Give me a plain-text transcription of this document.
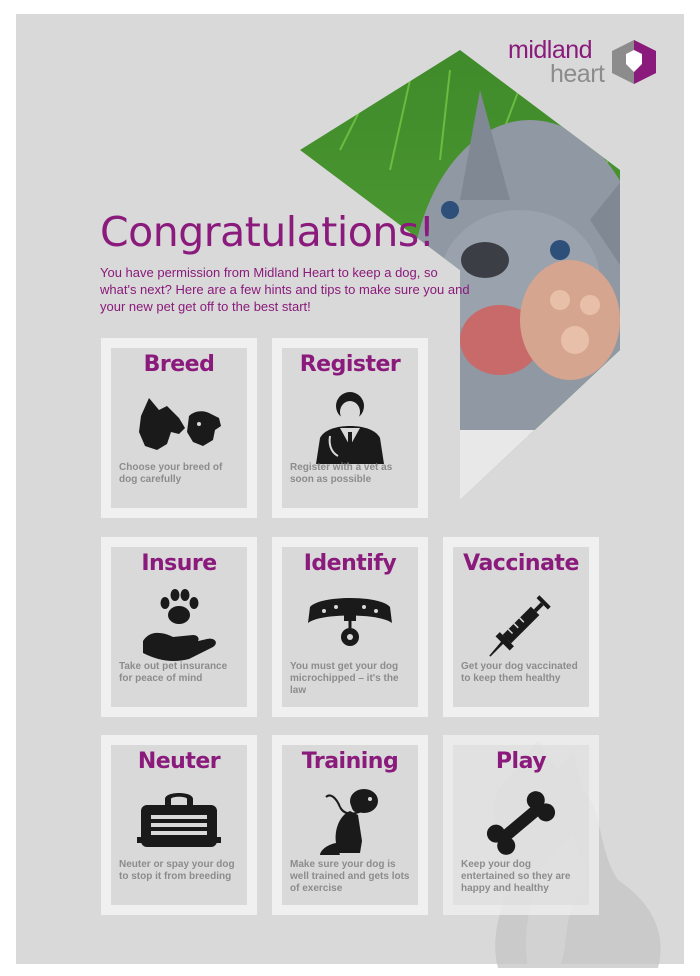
midland
heart
Congratulations!
You have permission from Midland Heart to keep a dog, so what's next? Here are a few hints and tips to make sure you and your new pet get off to the best start!
Breed
Choose your breed of dog carefully
Register
Register with a vet as soon as possible
Insure
Take out pet insurance for peace of mind
Identify
You must get your dog microchipped – it's the law
Vaccinate
Get your dog vaccinated to keep them healthy
Neuter
Neuter or spay your dog to stop it from breeding
Training
Make sure your dog is well trained and gets lots of exercise
Play
Keep your dog entertained so they are happy and healthy
